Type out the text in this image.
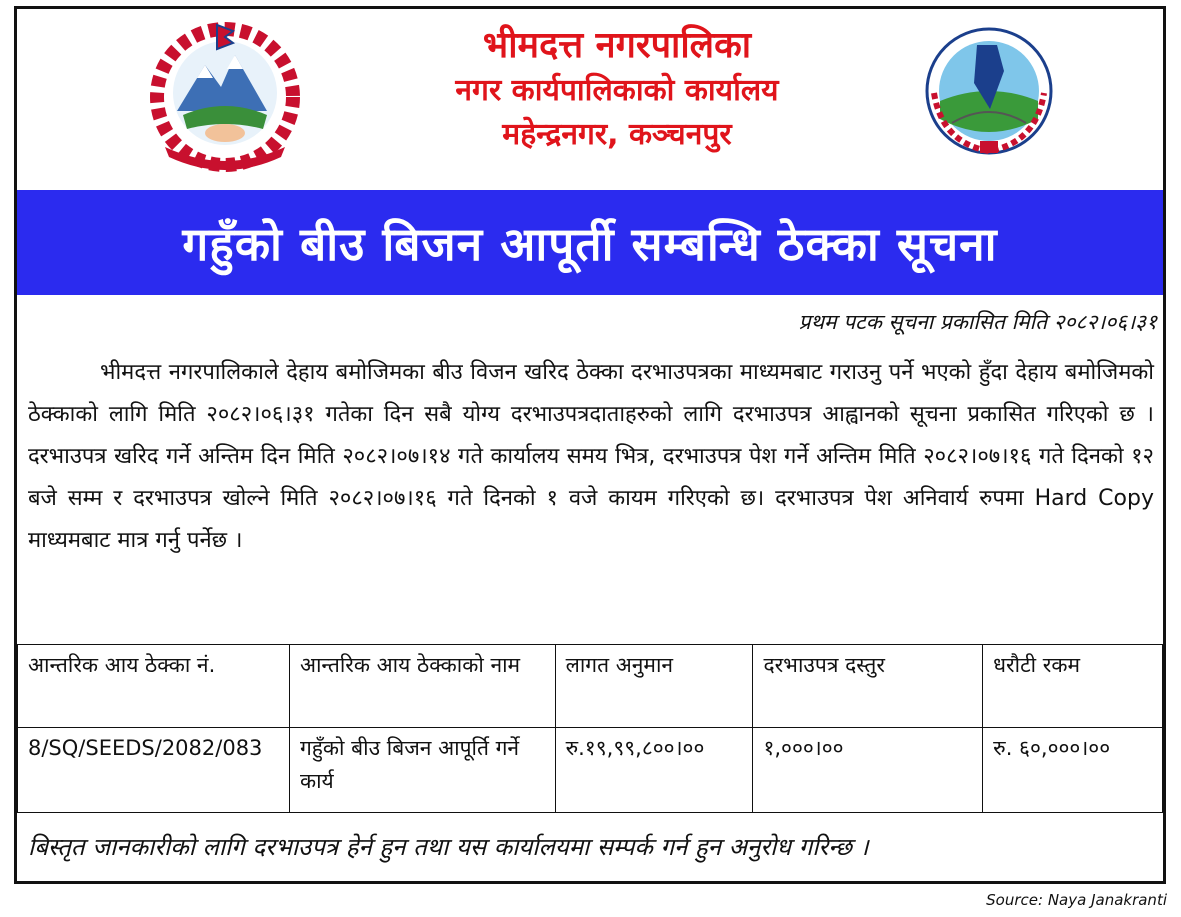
भीमदत्त नगरपालिका
नगर कार्यपालिकाको कार्यालय
महेन्द्रनगर, कञ्चनपुर
गहुँको बीउ बिजन आपूर्ती सम्बन्धि ठेक्का सूचना
प्रथम पटक सूचना प्रकासित मिति २०८२।०६।३१
भीमदत्त नगरपालिकाले देहाय बमोजिमका बीउ विजन खरिद ठेक्का दरभाउपत्रका माध्यमबाट गराउनु पर्ने भएको हुँदा देहाय बमोजिमको ठेक्काको लागि मिति २०८२।०६।३१ गतेका दिन सबै योग्य दरभाउपत्रदाताहरुको लागि दरभाउपत्र आह्वानको सूचना प्रकासित गरिएको छ । दरभाउपत्र खरिद गर्ने अन्तिम दिन मिति २०८२।०७।१४ गते कार्यालय समय भित्र, दरभाउपत्र पेश गर्ने अन्तिम मिति २०८२।०७।१६ गते दिनको १२ बजे सम्म र दरभाउपत्र खोल्ने मिति २०८२।०७।१६ गते दिनको १ वजे कायम गरिएको छ। दरभाउपत्र पेश अनिवार्य रुपमा Hard Copy माध्यमबाट मात्र गर्नु पर्नेछ ।
आन्तरिक आय ठेक्का नं.	आन्तरिक आय ठेक्काको नाम	लागत अनुमान	दरभाउपत्र दस्तुर	धरौटी रकम
8/SQ/SEEDS/2082/083	गहुँको बीउ बिजन आपूर्ति गर्ने कार्य	रु.१९,९९,८००।००	१,०००।००	रु. ६०,०००।००
बिस्तृत जानकारीको लागि दरभाउपत्र हेर्न हुन तथा यस कार्यालयमा सम्पर्क गर्न हुन अनुरोध गरिन्छ ।
Source: Naya Janakranti
